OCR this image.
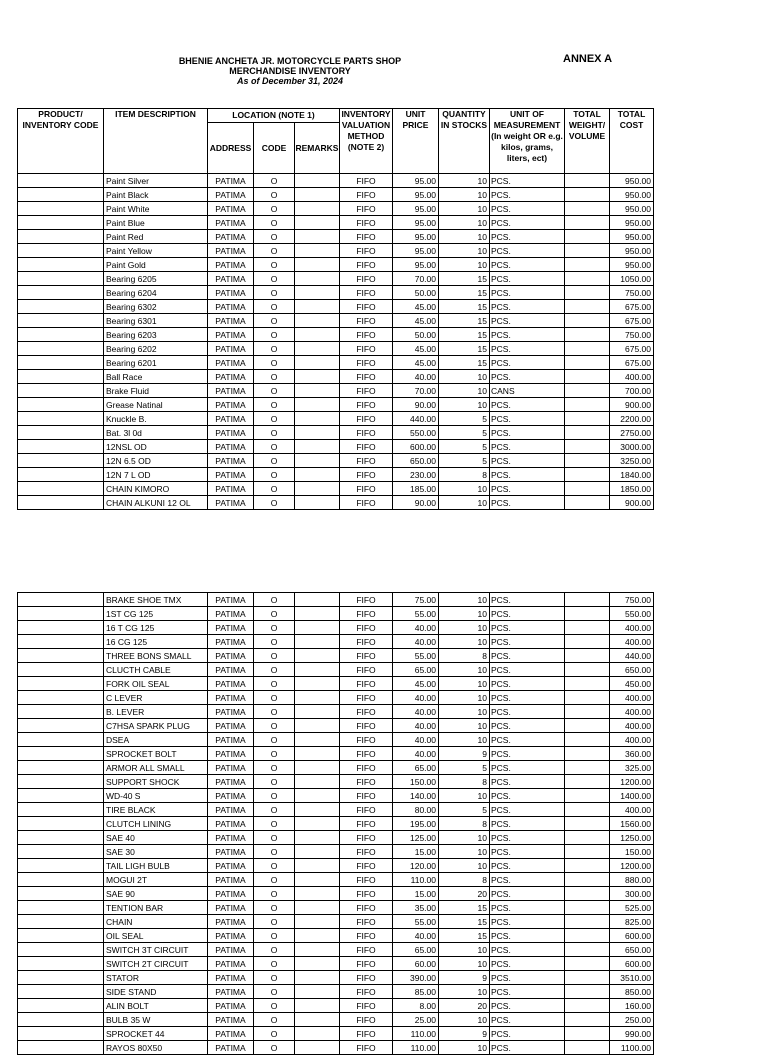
BHENIE ANCHETA JR. MOTORCYCLE PARTS SHOP
MERCHANDISE INVENTORY
As of December 31, 2024
ANNEX A
PRODUCT/ INVENTORY CODE	ITEM DESCRIPTION	LOCATION (NOTE 1)			INVENTORY VALUATION METHOD (NOTE 2)	UNIT PRICE	QUANTITY IN STOCKS	UNIT OF MEASUREMENT (In weight OR e.g. kilos, grams, liters, ect)	TOTAL WEIGHT/ VOLUME	TOTAL COST
		ADDRESS	CODE	REMARKS						
	Paint Silver	PATIMA	O		FIFO	95.00	10	PCS.		950.00
	Paint Black	PATIMA	O		FIFO	95.00	10	PCS.		950.00
	Paint White	PATIMA	O		FIFO	95.00	10	PCS.		950.00
	Paint Blue	PATIMA	O		FIFO	95.00	10	PCS.		950.00
	Paint Red	PATIMA	O		FIFO	95.00	10	PCS.		950.00
	Paint Yellow	PATIMA	O		FIFO	95.00	10	PCS.		950.00
	Paint Gold	PATIMA	O		FIFO	95.00	10	PCS.		950.00
	Bearing 6205	PATIMA	O		FIFO	70.00	15	PCS.		1050.00
	Bearing 6204	PATIMA	O		FIFO	50.00	15	PCS.		750.00
	Bearing 6302	PATIMA	O		FIFO	45.00	15	PCS.		675.00
	Bearing 6301	PATIMA	O		FIFO	45.00	15	PCS.		675.00
	Bearing 6203	PATIMA	O		FIFO	50.00	15	PCS.		750.00
	Bearing 6202	PATIMA	O		FIFO	45.00	15	PCS.		675.00
	Bearing 6201	PATIMA	O		FIFO	45.00	15	PCS.		675.00
	Ball Race	PATIMA	O		FIFO	40.00	10	PCS.		400.00
	Brake Fluid	PATIMA	O		FIFO	70.00	10	CANS		700.00
	Grease Natinal	PATIMA	O		FIFO	90.00	10	PCS.		900.00
	Knuckle B.	PATIMA	O		FIFO	440.00	5	PCS.		2200.00
	Bat. 3l 0d	PATIMA	O		FIFO	550.00	5	PCS.		2750.00
	12NSL OD	PATIMA	O		FIFO	600.00	5	PCS.		3000.00
	12N 6.5 OD	PATIMA	O		FIFO	650.00	5	PCS.		3250.00
	12N 7 L OD	PATIMA	O		FIFO	230.00	8	PCS.		1840.00
	CHAIN KIMORO	PATIMA	O		FIFO	185.00	10	PCS.		1850.00
	CHAIN ALKUNI 12 OL	PATIMA	O		FIFO	90.00	10	PCS.		900.00
	BRAKE SHOE TMX	PATIMA	O		FIFO	75.00	10	PCS.		750.00
	1ST CG 125	PATIMA	O		FIFO	55.00	10	PCS.		550.00
	16 T CG 125	PATIMA	O		FIFO	40.00	10	PCS.		400.00
	16 CG 125	PATIMA	O		FIFO	40.00	10	PCS.		400.00
	THREE BONS SMALL	PATIMA	O		FIFO	55.00	8	PCS.		440.00
	CLUCTH CABLE	PATIMA	O		FIFO	65.00	10	PCS.		650.00
	FORK OIL SEAL	PATIMA	O		FIFO	45.00	10	PCS.		450.00
	C LEVER	PATIMA	O		FIFO	40.00	10	PCS.		400.00
	B. LEVER	PATIMA	O		FIFO	40.00	10	PCS.		400.00
	C7HSA SPARK PLUG	PATIMA	O		FIFO	40.00	10	PCS.		400.00
	DSEA	PATIMA	O		FIFO	40.00	10	PCS.		400.00
	SPROCKET BOLT	PATIMA	O		FIFO	40.00	9	PCS.		360.00
	ARMOR ALL SMALL	PATIMA	O		FIFO	65.00	5	PCS.		325.00
	SUPPORT SHOCK	PATIMA	O		FIFO	150.00	8	PCS.		1200.00
	WD-40 S	PATIMA	O		FIFO	140.00	10	PCS.		1400.00
	TIRE BLACK	PATIMA	O		FIFO	80.00	5	PCS.		400.00
	CLUTCH LINING	PATIMA	O		FIFO	195.00	8	PCS.		1560.00
	SAE 40	PATIMA	O		FIFO	125.00	10	PCS.		1250.00
	SAE 30	PATIMA	O		FIFO	15.00	10	PCS.		150.00
	TAIL LIGH BULB	PATIMA	O		FIFO	120.00	10	PCS.		1200.00
	MOGUI 2T	PATIMA	O		FIFO	110.00	8	PCS.		880.00
	SAE 90	PATIMA	O		FIFO	15.00	20	PCS.		300.00
	TENTION BAR	PATIMA	O		FIFO	35.00	15	PCS.		525.00
	CHAIN	PATIMA	O		FIFO	55.00	15	PCS.		825.00
	OIL SEAL	PATIMA	O		FIFO	40.00	15	PCS.		600.00
	SWITCH 3T CIRCUIT	PATIMA	O		FIFO	65.00	10	PCS.		650.00
	SWITCH 2T CIRCUIT	PATIMA	O		FIFO	60.00	10	PCS.		600.00
	STATOR	PATIMA	O		FIFO	390.00	9	PCS.		3510.00
	SIDE STAND	PATIMA	O		FIFO	85.00	10	PCS.		850.00
	ALIN BOLT	PATIMA	O		FIFO	8.00	20	PCS.		160.00
	BULB 35 W	PATIMA	O		FIFO	25.00	10	PCS.		250.00
	SPROCKET 44	PATIMA	O		FIFO	110.00	9	PCS.		990.00
	RAYOS 80X50	PATIMA	O		FIFO	110.00	10	PCS.		1100.00
